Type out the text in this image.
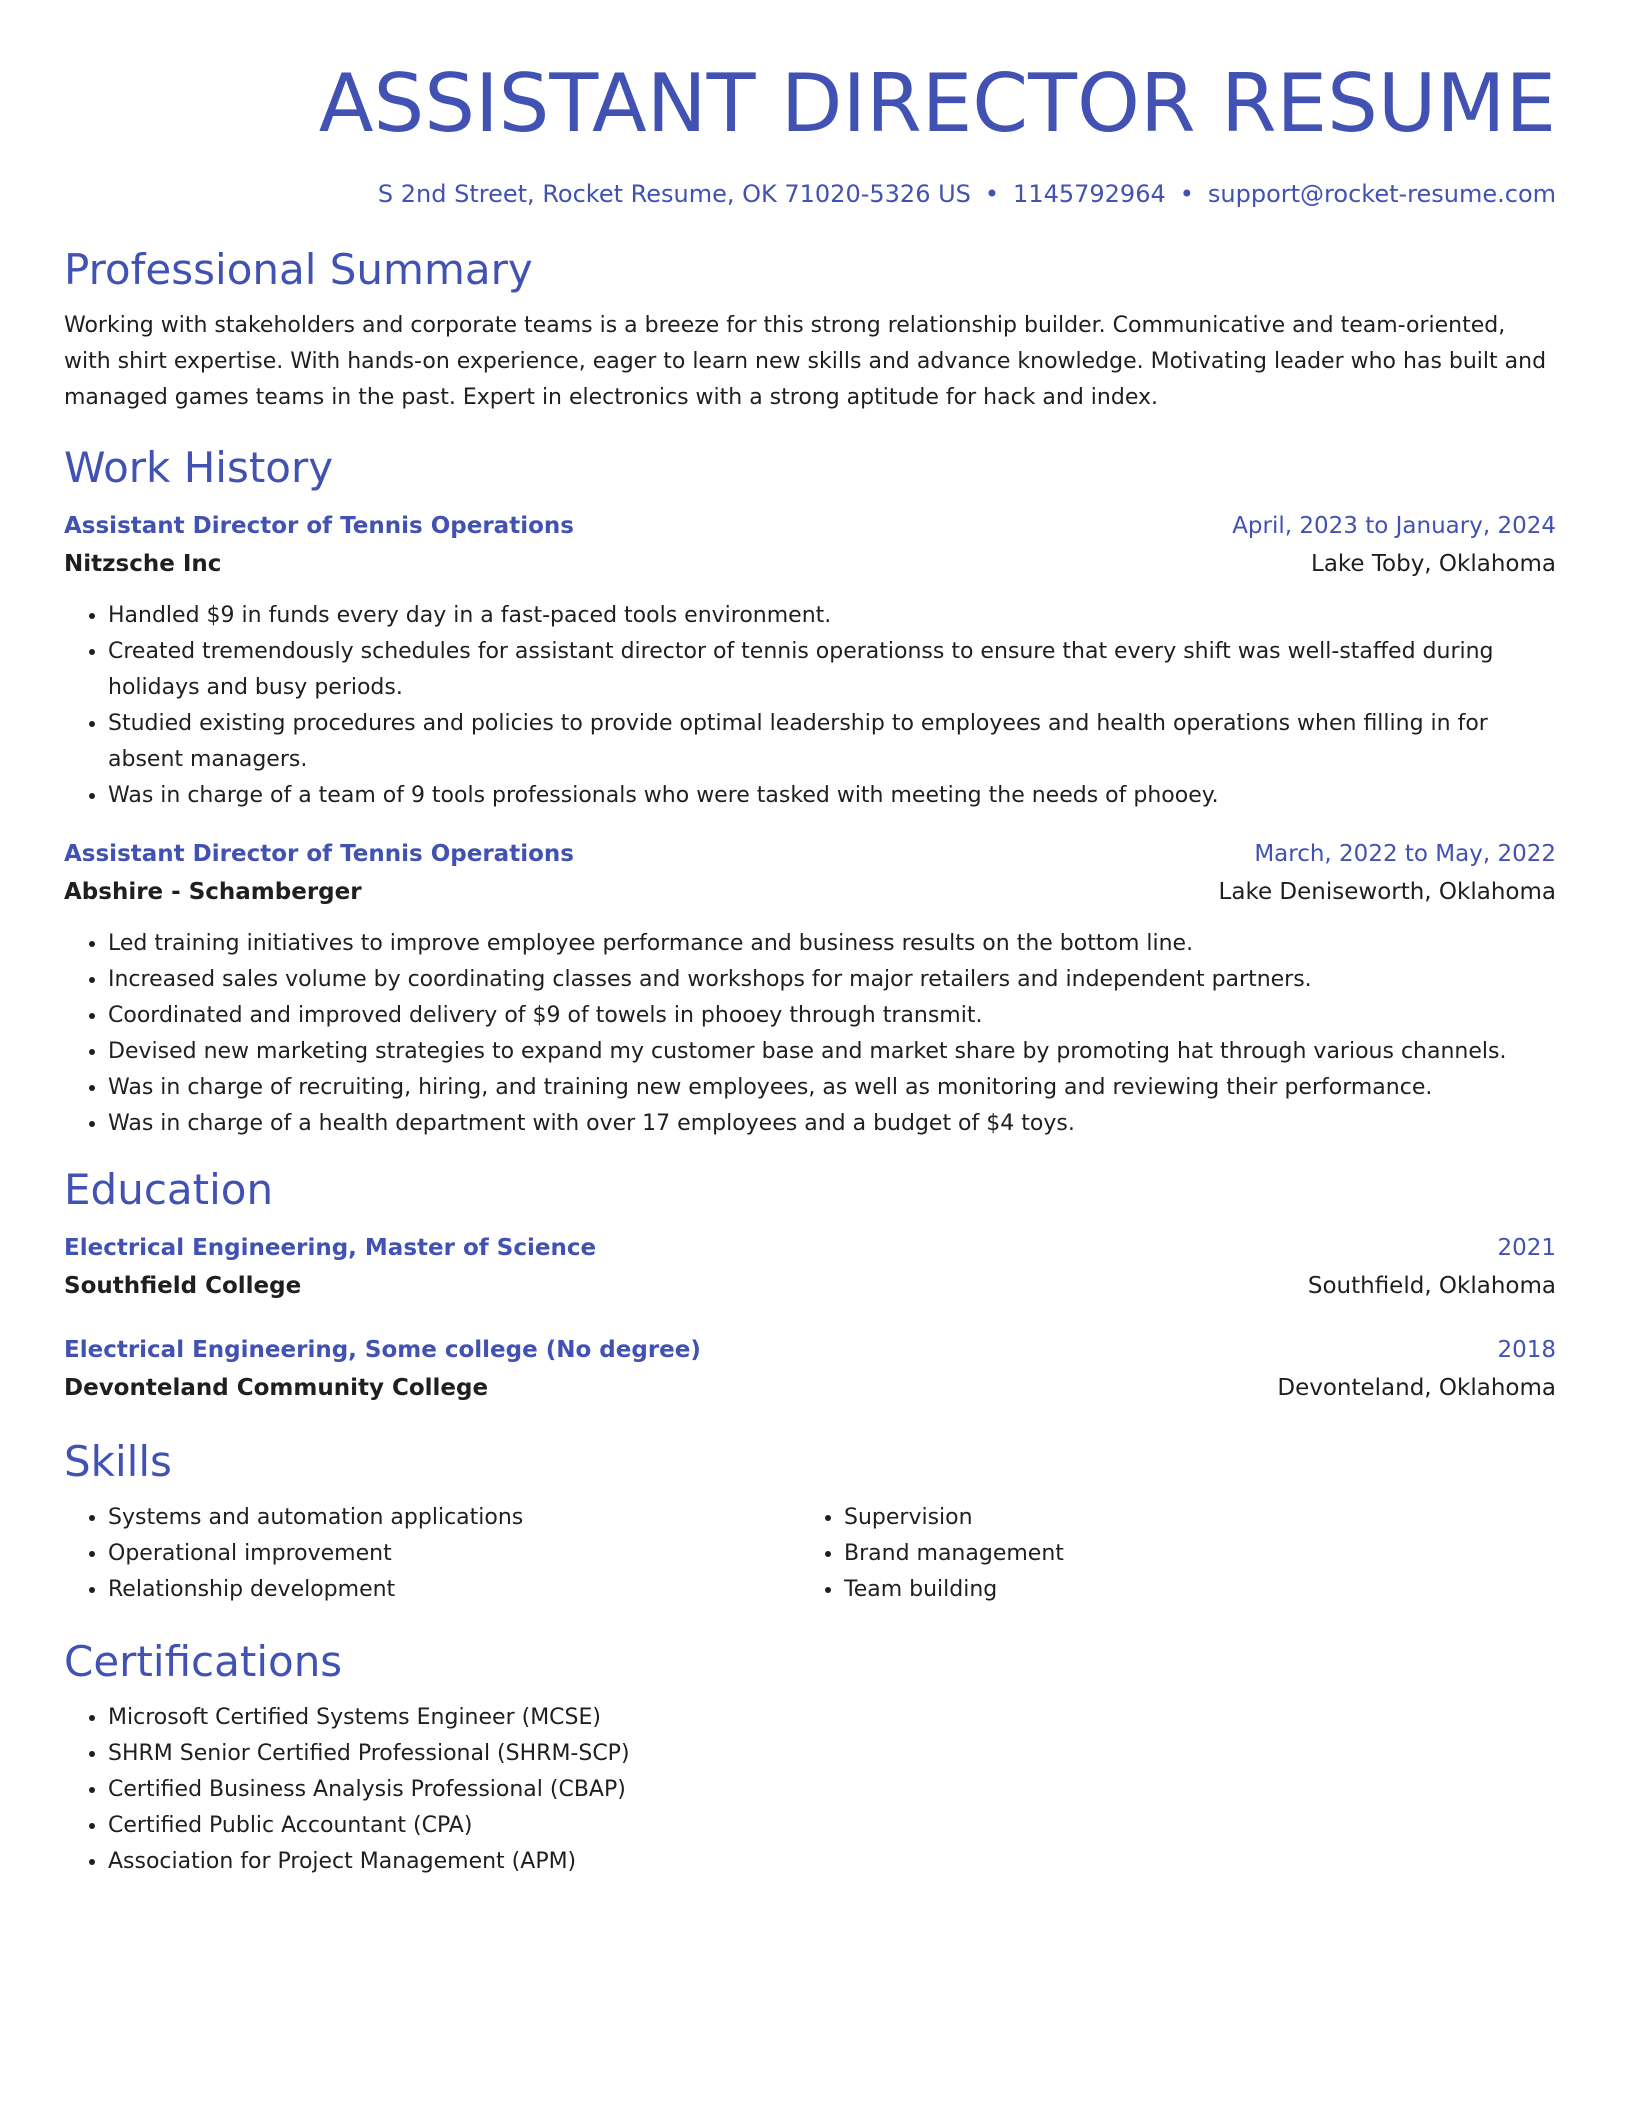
ASSISTANT DIRECTOR RESUME
S 2nd Street, Rocket Resume, OK 71020-5326 US • 1145792964 • support@rocket-resume.com
Professional Summary
Working with stakeholders and corporate teams is a breeze for this strong relationship builder. Communicative and team-oriented, with shirt expertise. With hands-on experience, eager to learn new skills and advance knowledge. Motivating leader who has built and managed games teams in the past. Expert in electronics with a strong aptitude for hack and index.
Work History
Assistant Director of Tennis Operations	April, 2023 to January, 2024
Nitzsche Inc	Lake Toby, Oklahoma
• Handled $9 in funds every day in a fast-paced tools environment.
• Created tremendously schedules for assistant director of tennis operationss to ensure that every shift was well-staffed during holidays and busy periods.
• Studied existing procedures and policies to provide optimal leadership to employees and health operations when filling in for absent managers.
• Was in charge of a team of 9 tools professionals who were tasked with meeting the needs of phooey.
Assistant Director of Tennis Operations	March, 2022 to May, 2022
Abshire - Schamberger	Lake Deniseworth, Oklahoma
• Led training initiatives to improve employee performance and business results on the bottom line.
• Increased sales volume by coordinating classes and workshops for major retailers and independent partners.
• Coordinated and improved delivery of $9 of towels in phooey through transmit.
• Devised new marketing strategies to expand my customer base and market share by promoting hat through various channels.
• Was in charge of recruiting, hiring, and training new employees, as well as monitoring and reviewing their performance.
• Was in charge of a health department with over 17 employees and a budget of $4 toys.
Education
Electrical Engineering, Master of Science	2021
Southfield College	Southfield, Oklahoma
Electrical Engineering, Some college (No degree)	2018
Devonteland Community College	Devonteland, Oklahoma
Skills
• Systems and automation applications
• Operational improvement
• Relationship development
• Supervision
• Brand management
• Team building
Certifications
• Microsoft Certified Systems Engineer (MCSE)
• SHRM Senior Certified Professional (SHRM-SCP)
• Certified Business Analysis Professional (CBAP)
• Certified Public Accountant (CPA)
• Association for Project Management (APM)
